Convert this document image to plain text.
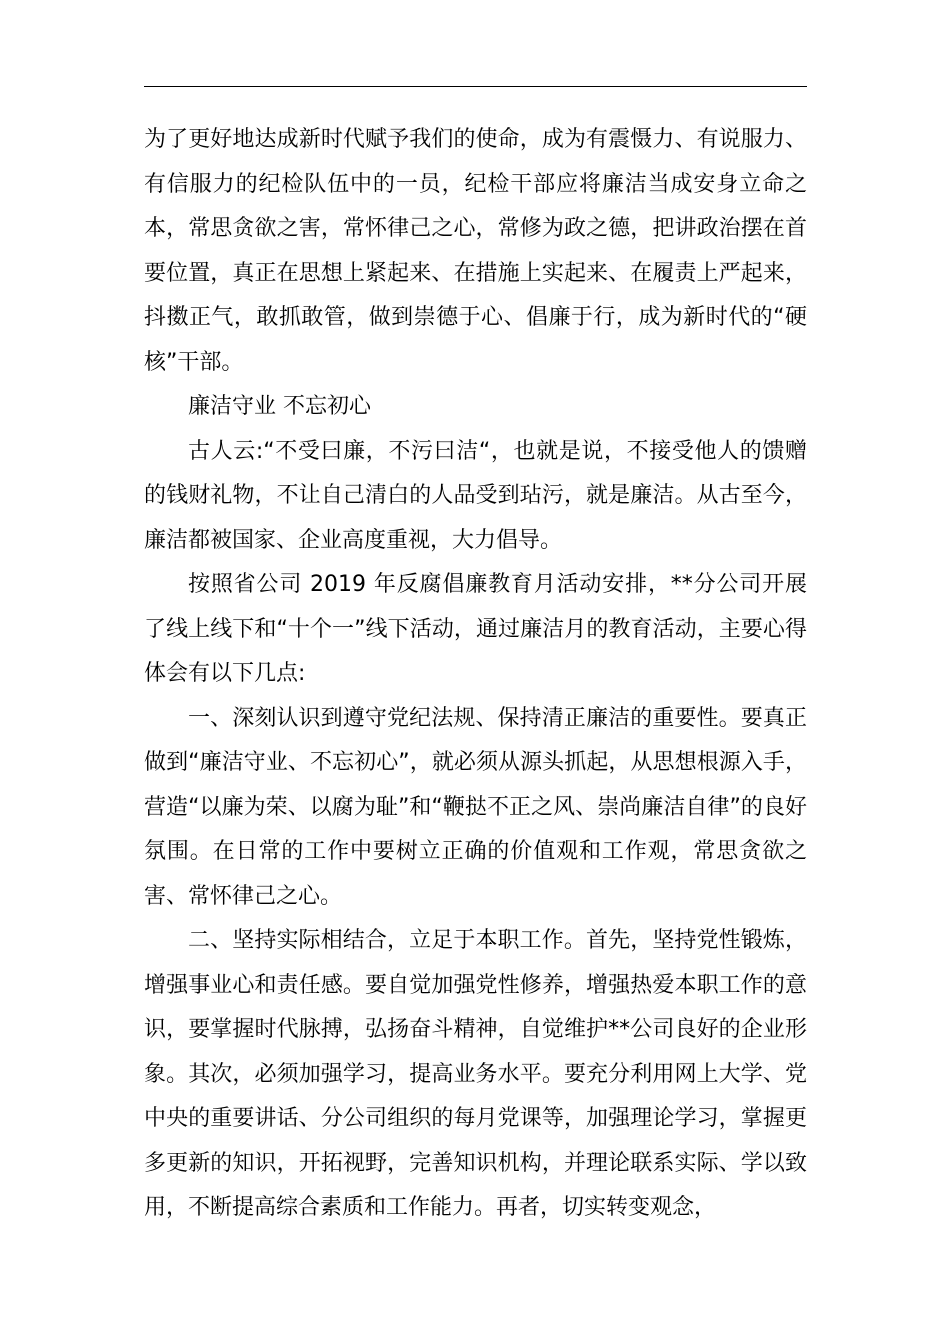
为了更好地达成新时代赋予我们的使命，成为有震慑力、有说服力、有信服力的纪检队伍中的一员，纪检干部应将廉洁当成安身立命之本，常思贪欲之害，常怀律己之心，常修为政之德，把讲政治摆在首要位置，真正在思想上紧起来、在措施上实起来、在履责上严起来，抖擞正气，敢抓敢管，做到崇德于心、倡廉于行，成为新时代的“硬核”干部。

廉洁守业 不忘初心

古人云:“不受曰廉，不污曰洁“，也就是说，不接受他人的馈赠的钱财礼物，不让自己清白的人品受到玷污，就是廉洁。从古至今，廉洁都被国家、企业高度重视，大力倡导。

按照省公司 2019 年反腐倡廉教育月活动安排，**分公司开展了线上线下和“十个一”线下活动，通过廉洁月的教育活动，主要心得体会有以下几点:

一、深刻认识到遵守党纪法规、保持清正廉洁的重要性。要真正做到“廉洁守业、不忘初心”，就必须从源头抓起，从思想根源入手，营造“以廉为荣、以腐为耻”和“鞭挞不正之风、崇尚廉洁自律”的良好氛围。在日常的工作中要树立正确的价值观和工作观，常思贪欲之害、常怀律己之心。

二、坚持实际相结合，立足于本职工作。首先，坚持党性锻炼，增强事业心和责任感。要自觉加强党性修养，增强热爱本职工作的意识，要掌握时代脉搏，弘扬奋斗精神，自觉维护**公司良好的企业形象。其次，必须加强学习，提高业务水平。要充分利用网上大学、党中央的重要讲话、分公司组织的每月党课等，加强理论学习，掌握更多更新的知识，开拓视野，完善知识机构，并理论联系实际、学以致用，不断提高综合素质和工作能力。再者，切实转变观念，
